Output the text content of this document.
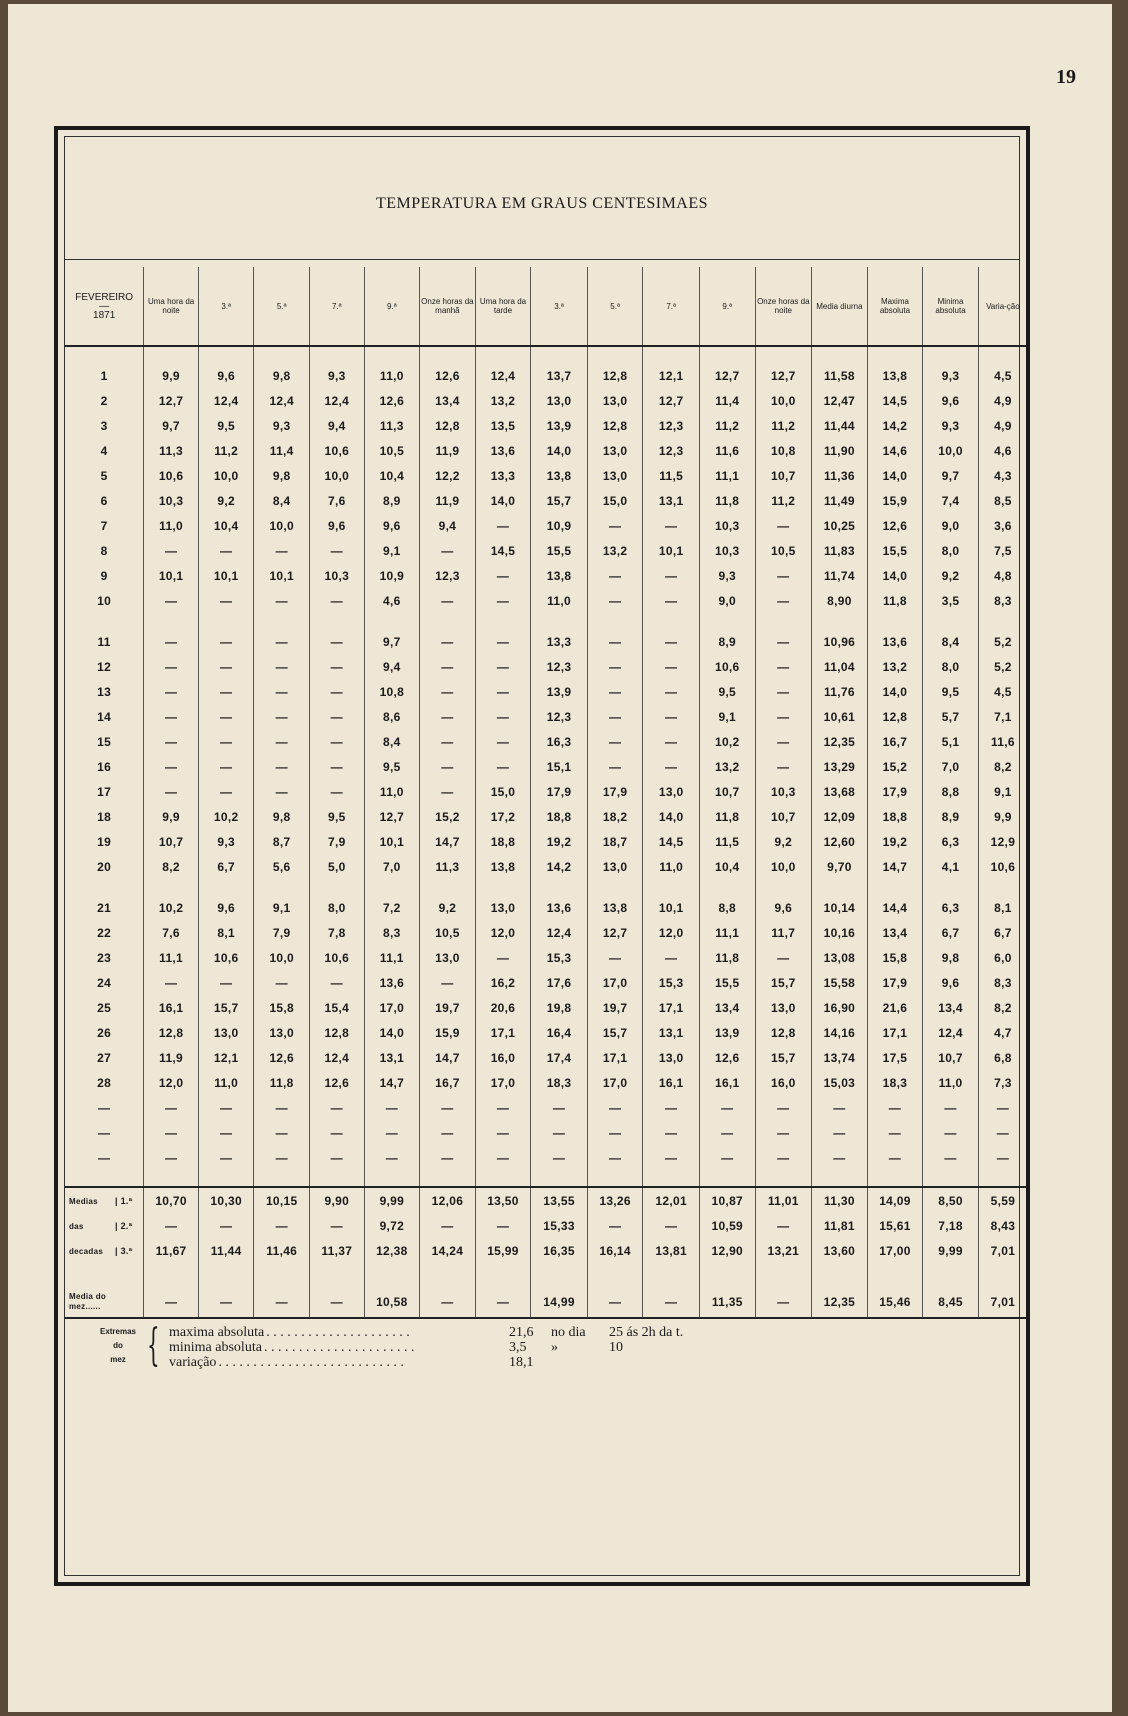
19
TEMPERATURA EM GRAUS CENTESIMAES
FEVEREIRO
—
1871	Uma hora da noite	3.ª	5.ª	7.ª	9.ª	Onze horas da manhã	Uma hora da tarde	3.ª	5.ª	7.ª	9.ª	Onze horas da noite	Media diurna	Maxima absoluta	Minima absoluta	Varia-ção

1	9,9	9,6	9,8	9,3	11,0	12,6	12,4	13,7	12,8	12,1	12,7	12,7	11,58	13,8	9,3	4,5
2	12,7	12,4	12,4	12,4	12,6	13,4	13,2	13,0	13,0	12,7	11,4	10,0	12,47	14,5	9,6	4,9
3	9,7	9,5	9,3	9,4	11,3	12,8	13,5	13,9	12,8	12,3	11,2	11,2	11,44	14,2	9,3	4,9
4	11,3	11,2	11,4	10,6	10,5	11,9	13,6	14,0	13,0	12,3	11,6	10,8	11,90	14,6	10,0	4,6
5	10,6	10,0	9,8	10,0	10,4	12,2	13,3	13,8	13,0	11,5	11,1	10,7	11,36	14,0	9,7	4,3
6	10,3	9,2	8,4	7,6	8,9	11,9	14,0	15,7	15,0	13,1	11,8	11,2	11,49	15,9	7,4	8,5
7	11,0	10,4	10,0	9,6	9,6	9,4	—	10,9	—	—	10,3	—	10,25	12,6	9,0	3,6
8	—	—	—	—	9,1	—	14,5	15,5	13,2	10,1	10,3	10,5	11,83	15,5	8,0	7,5
9	10,1	10,1	10,1	10,3	10,9	12,3	—	13,8	—	—	9,3	—	11,74	14,0	9,2	4,8
10	—	—	—	—	4,6	—	—	11,0	—	—	9,0	—	8,90	11,8	3,5	8,3

11	—	—	—	—	9,7	—	—	13,3	—	—	8,9	—	10,96	13,6	8,4	5,2
12	—	—	—	—	9,4	—	—	12,3	—	—	10,6	—	11,04	13,2	8,0	5,2
13	—	—	—	—	10,8	—	—	13,9	—	—	9,5	—	11,76	14,0	9,5	4,5
14	—	—	—	—	8,6	—	—	12,3	—	—	9,1	—	10,61	12,8	5,7	7,1
15	—	—	—	—	8,4	—	—	16,3	—	—	10,2	—	12,35	16,7	5,1	11,6
16	—	—	—	—	9,5	—	—	15,1	—	—	13,2	—	13,29	15,2	7,0	8,2
17	—	—	—	—	11,0	—	15,0	17,9	17,9	13,0	10,7	10,3	13,68	17,9	8,8	9,1
18	9,9	10,2	9,8	9,5	12,7	15,2	17,2	18,8	18,2	14,0	11,8	10,7	12,09	18,8	8,9	9,9
19	10,7	9,3	8,7	7,9	10,1	14,7	18,8	19,2	18,7	14,5	11,5	9,2	12,60	19,2	6,3	12,9
20	8,2	6,7	5,6	5,0	7,0	11,3	13,8	14,2	13,0	11,0	10,4	10,0	9,70	14,7	4,1	10,6

21	10,2	9,6	9,1	8,0	7,2	9,2	13,0	13,6	13,8	10,1	8,8	9,6	10,14	14,4	6,3	8,1
22	7,6	8,1	7,9	7,8	8,3	10,5	12,0	12,4	12,7	12,0	11,1	11,7	10,16	13,4	6,7	6,7
23	11,1	10,6	10,0	10,6	11,1	13,0	—	15,3	—	—	11,8	—	13,08	15,8	9,8	6,0
24	—	—	—	—	13,6	—	16,2	17,6	17,0	15,3	15,5	15,7	15,58	17,9	9,6	8,3
25	16,1	15,7	15,8	15,4	17,0	19,7	20,6	19,8	19,7	17,1	13,4	13,0	16,90	21,6	13,4	8,2
26	12,8	13,0	13,0	12,8	14,0	15,9	17,1	16,4	15,7	13,1	13,9	12,8	14,16	17,1	12,4	4,7
27	11,9	12,1	12,6	12,4	13,1	14,7	16,0	17,4	17,1	13,0	12,6	15,7	13,74	17,5	10,7	6,8
28	12,0	11,0	11,8	12,6	14,7	16,7	17,0	18,3	17,0	16,1	16,1	16,0	15,03	18,3	11,0	7,3
—	—	—	—	—	—	—	—	—	—	—	—	—	—	—	—	—
—	—	—	—	—	—	—	—	—	—	—	—	—	—	—	—	—
—	—	—	—	—	—	—	—	—	—	—	—	—	—	—	—	—

Medias | 1.ª	10,70	10,30	10,15	9,90	9,99	12,06	13,50	13,55	13,26	12,01	10,87	11,01	11,30	14,09	8,50	5,59
das | 2.ª	—	—	—	—	9,72	—	—	15,33	—	—	10,59	—	11,81	15,61	7,18	8,43
decadas | 3.ª	11,67	11,44	11,46	11,37	12,38	14,24	15,99	16,35	16,14	13,81	12,90	13,21	13,60	17,00	9,99	7,01

Media do
mez......	—	—	—	—	10,58	—	—	14,99	—	—	11,35	—	12,35	15,46	8,45	7,01

Extremas
do
mez { maxima absoluta . . . . . . . . . . . . . . . . . . . . .	21,6 no dia 25 ás 2h da t.
minima absoluta . . . . . . . . . . . . . . . . . . . . . .	3,5 »	10
variação . . . . . . . . . . . . . . . . . . . . . . . . . . .	18,1
